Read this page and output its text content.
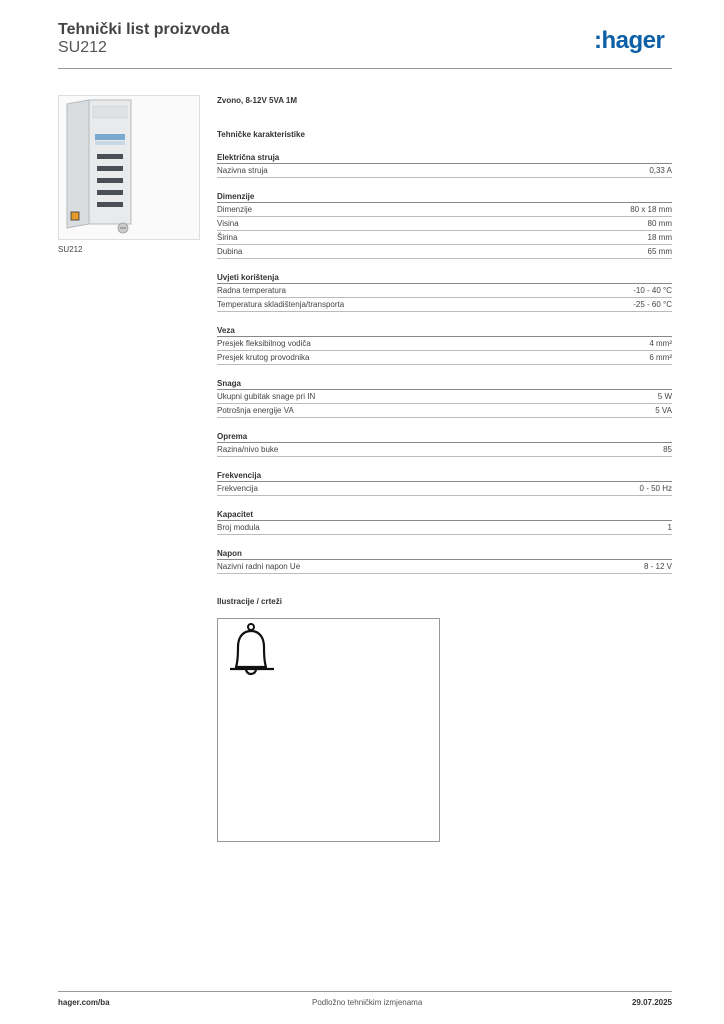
Tehnički list proizvoda
SU212	:hager
SU212
Zvono, 8-12V 5VA 1M
Tehničke karakteristike
Električna struja
Nazivna struja	0,33 A
Dimenzije
Dimenzije	80 x 18 mm
Visina	80 mm
Širina	18 mm
Dubina	65 mm
Uvjeti korištenja
Radna temperatura	-10 - 40 °C
Temperatura skladištenja/transporta	-25 - 60 °C
Veza
Presjek fleksibilnog vodiča	4 mm²
Presjek krutog provodnika	6 mm²
Snaga
Ukupni gubitak snage pri IN	5 W
Potrošnja energije VA	5 VA
Oprema
Razina/nivo buke	85
Frekvencija
Frekvencija	0 - 50 Hz
Kapacitet
Broj modula	1
Napon
Nazivni radni napon Ue	8 - 12 V
Ilustracije / crteži
hager.com/ba	Podložno tehničkim izmjenama	29.07.2025
